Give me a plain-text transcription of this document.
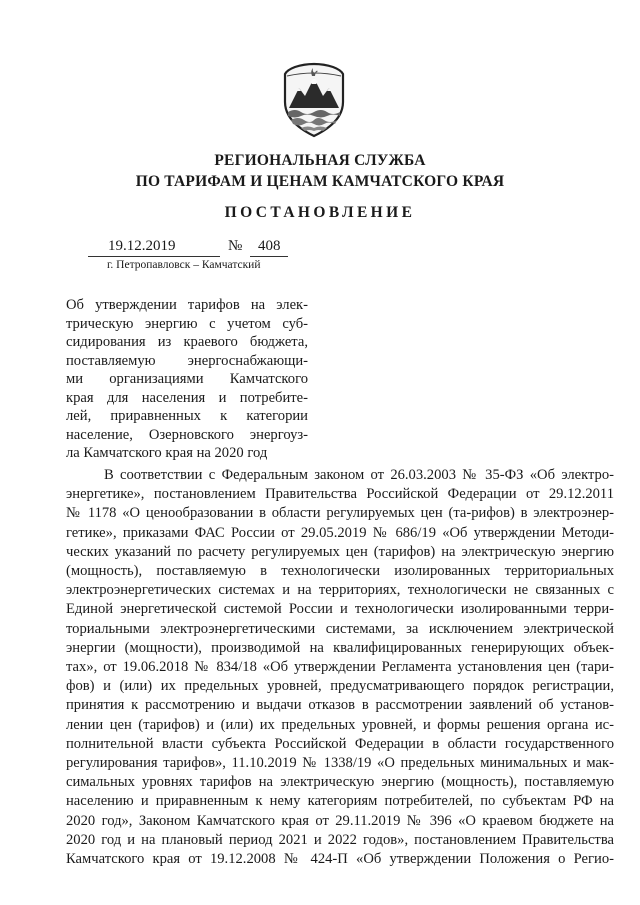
РЕГИОНАЛЬНАЯ СЛУЖБА
ПО ТАРИФАМ И ЦЕНАМ КАМЧАТСКОГО КРАЯ
ПОСТАНОВЛЕНИЕ
19.12.2019	№ 408
г. Петропавловск – Камчатский
Об утверждении тарифов на элек-
трическую энергию с учетом суб-
сидирования из краевого бюджета,
поставляемую энергоснабжающи-
ми организациями Камчатского
края для населения и потребите-
лей, приравненных к категории
население, Озерновского энергоуз-
ла Камчатского края на 2020 год
В соответствии с Федеральным законом от 26.03.2003 № 35-ФЗ «Об электро-
энергетике», постановлением Правительства Российской Федерации от 29.12.2011
№ 1178 «О ценообразовании в области регулируемых цен (та-рифов) в электроэнер-
гетике», приказами ФАС России от 29.05.2019 № 686/19 «Об утверждении Методи-
ческих указаний по расчету регулируемых цен (тарифов) на электрическую энергию
(мощность), поставляемую в технологически изолированных территориальных
электроэнергетических системах и на территориях, технологически не связанных с
Единой энергетической системой России и технологически изолированными терри-
ториальными электроэнергетическими системами, за исключением электрической
энергии (мощности), производимой на квалифицированных генерирующих объек-
тах», от 19.06.2018 № 834/18 «Об утверждении Регламента установления цен (тари-
фов) и (или) их предельных уровней, предусматривающего порядок регистрации,
принятия к рассмотрению и выдачи отказов в рассмотрении заявлений об установ-
лении цен (тарифов) и (или) их предельных уровней, и формы решения органа ис-
полнительной власти субъекта Российской Федерации в области государственного
регулирования тарифов», 11.10.2019 № 1338/19 «О предельных минимальных и мак-
симальных уровнях тарифов на электрическую энергию (мощность), поставляемую
населению и приравненным к нему категориям потребителей, по субъектам РФ на
2020 год», Законом Камчатского края от 29.11.2019 № 396 «О краевом бюджете на
2020 год и на плановый период 2021 и 2022 годов», постановлением Правительства
Камчатского края от 19.12.2008 № 424-П «Об утверждении Положения о Регио-
